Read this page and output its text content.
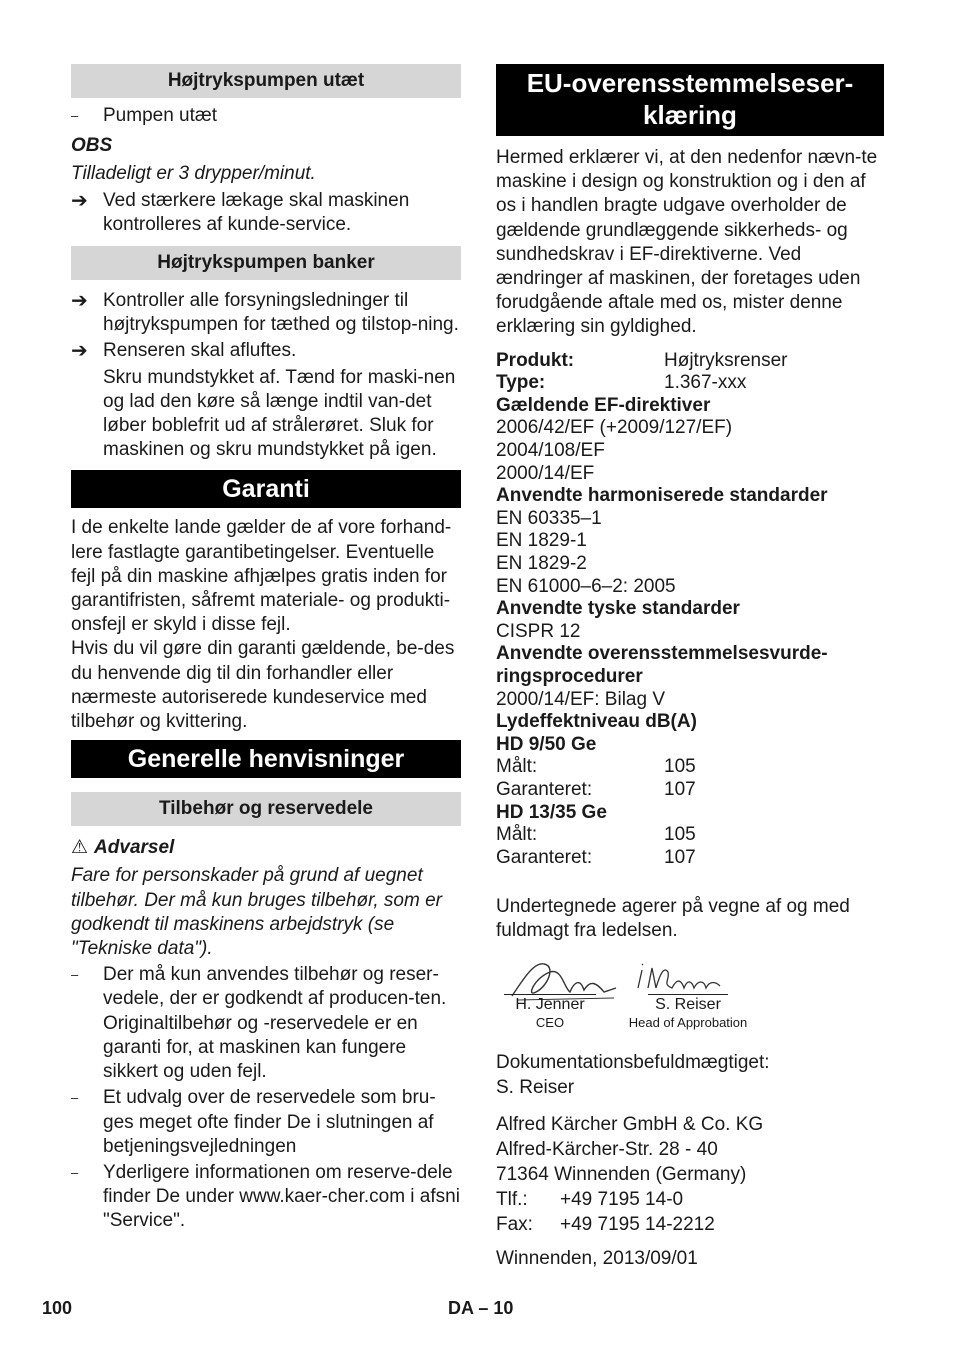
Højtrykspumpen utæt
–	Pumpen utæt

OBS

Tilladeligt er 3 drypper/minut.

➔ Ved stærkere lækage skal maskinen kontrolleres af kunde-service.
Højtrykspumpen banker
➔ Kontroller alle forsyningsledninger til højtrykspumpen for tæthed og tilstop-ning.
➔ Renseren skal afluftes.

Skru mundstykket af. Tænd for maski-nen og lad den køre så længe indtil van-det løber boblefrit ud af strålerøret. Sluk for maskinen og skru mundstykket på igen.

Garanti

I de enkelte lande gælder de af vore forhand-lere fastlagte garantibetingelser. Eventuelle fejl på din maskine afhjælpes gratis inden for garantifristen, såfremt materiale- og produkti-onsfejl er skyld i disse fejl.

Hvis du vil gøre din garanti gældende, be-des du henvende dig til din forhandler eller nærmeste autoriserede kundeservice med tilbehør og kvittering.

Generelle henvisninger
Tilbehør og reservedele

⚠ Advarsel

Fare for personskader på grund af uegnet tilbehør. Der må kun bruges tilbehør, som er godkendt til maskinens arbejdstryk (se "Tekniske data").

–	Der må kun anvendes tilbehør og reser-vedele, der er godkendt af producen-ten. Originaltilbehør og -reservedele er en garanti for, at maskinen kan fungere sikkert og uden fejl.
–	Et udvalg over de reservedele som bru-ges meget ofte finder De i slutningen af betjeningsvejledningen
–	Yderligere informationen om reserve-dele finder De under www.kaer-cher.com i afsni "Service".
EU-overensstemmelseser-
klæring

Hermed erklærer vi, at den nedenfor nævn-te maskine i design og konstruktion og i den af os i handlen bragte udgave overholder de gældende grundlæggende sikkerheds- og sundhedskrav i EF-direktiverne. Ved ændringer af maskinen, der foretages uden forudgående aftale med os, mister denne erklæring sin gyldighed.

Produkt:	Højtryksrenser
Type:	1.367-xxx
Gældende EF-direktiver
2006/42/EF (+2009/127/EF)
2004/108/EF
2000/14/EF
Anvendte harmoniserede standarder
EN 60335–1
EN 1829-1
EN 1829-2
EN 61000–6–2: 2005
Anvendte tyske standarder
CISPR 12
Anvendte overensstemmelsesvurde-
ringsprocedurer
2000/14/EF: Bilag V
Lydeffektniveau dB(A)
HD 9/50 Ge
Målt:	105
Garanteret:	107
HD 13/35 Ge
Målt:	105
Garanteret:	107

Undertegnede agerer på vegne af og med fuldmagt fra ledelsen.

H. Jenner
CEO
S. Reiser
Head of Approbation

Dokumentationsbefuldmægtiget:

S. Reiser

Alfred Kärcher GmbH & Co. KG
Alfred-Kärcher-Str. 28 - 40
71364 Winnenden (Germany)
Tlf.:	+49 7195 14-0
Fax:	+49 7195 14-2212

Winnenden, 2013/09/01

100	DA – 10
